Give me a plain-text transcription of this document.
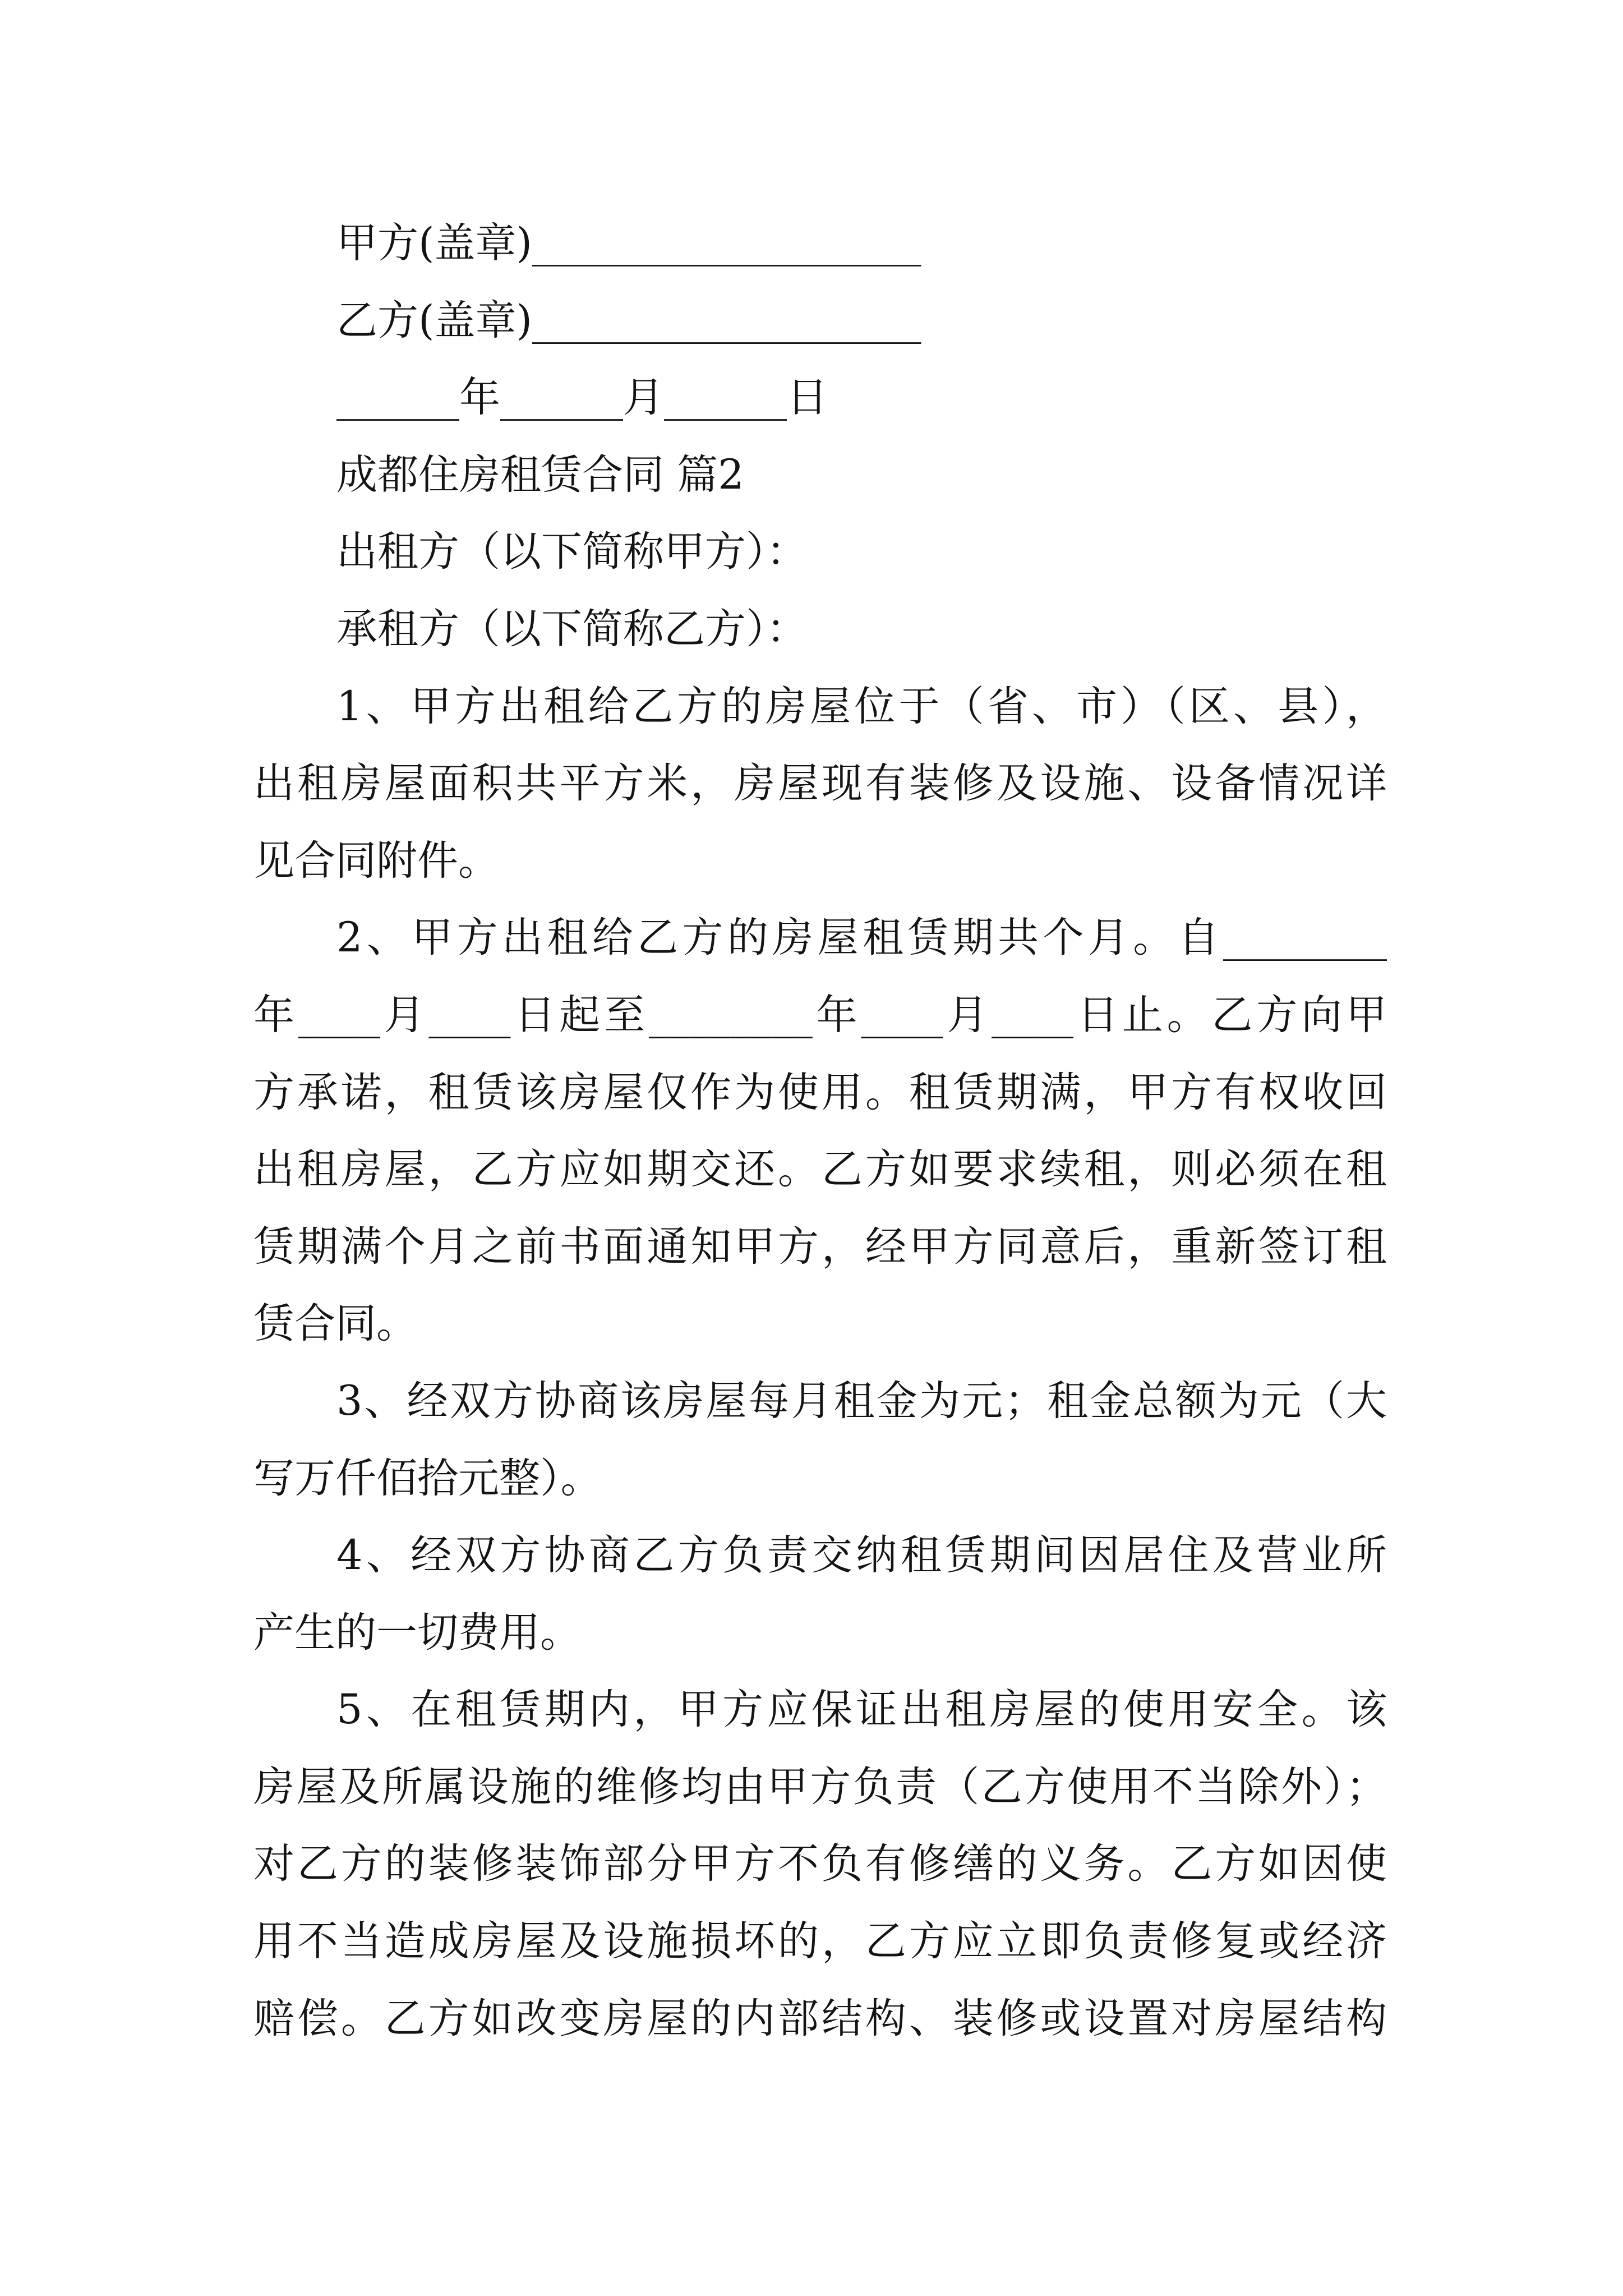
甲方(盖章)___________________
乙方(盖章)___________________
______年______月______日
成都住房租赁合同 篇2
出租方（以下简称甲方）：
承租方（以下简称乙方）：
1、甲方出租给乙方的房屋位于（省、市）（区、县），
出租房屋面积共平方米，房屋现有装修及设施、设备情况详
见合同附件。
2、甲方出租给乙方的房屋租赁期共个月。自________
年____月____日起至________年____月____日止。乙方向甲
方承诺，租赁该房屋仅作为使用。租赁期满，甲方有权收回
出租房屋，乙方应如期交还。乙方如要求续租，则必须在租
赁期满个月之前书面通知甲方，经甲方同意后，重新签订租
赁合同。
3、经双方协商该房屋每月租金为元；租金总额为元（大
写万仟佰拾元整）。
4、经双方协商乙方负责交纳租赁期间因居住及营业所
产生的一切费用。
5、在租赁期内，甲方应保证出租房屋的使用安全。该
房屋及所属设施的维修均由甲方负责（乙方使用不当除外）；
对乙方的装修装饰部分甲方不负有修缮的义务。乙方如因使
用不当造成房屋及设施损坏的，乙方应立即负责修复或经济
赔偿。乙方如改变房屋的内部结构、装修或设置对房屋结构
